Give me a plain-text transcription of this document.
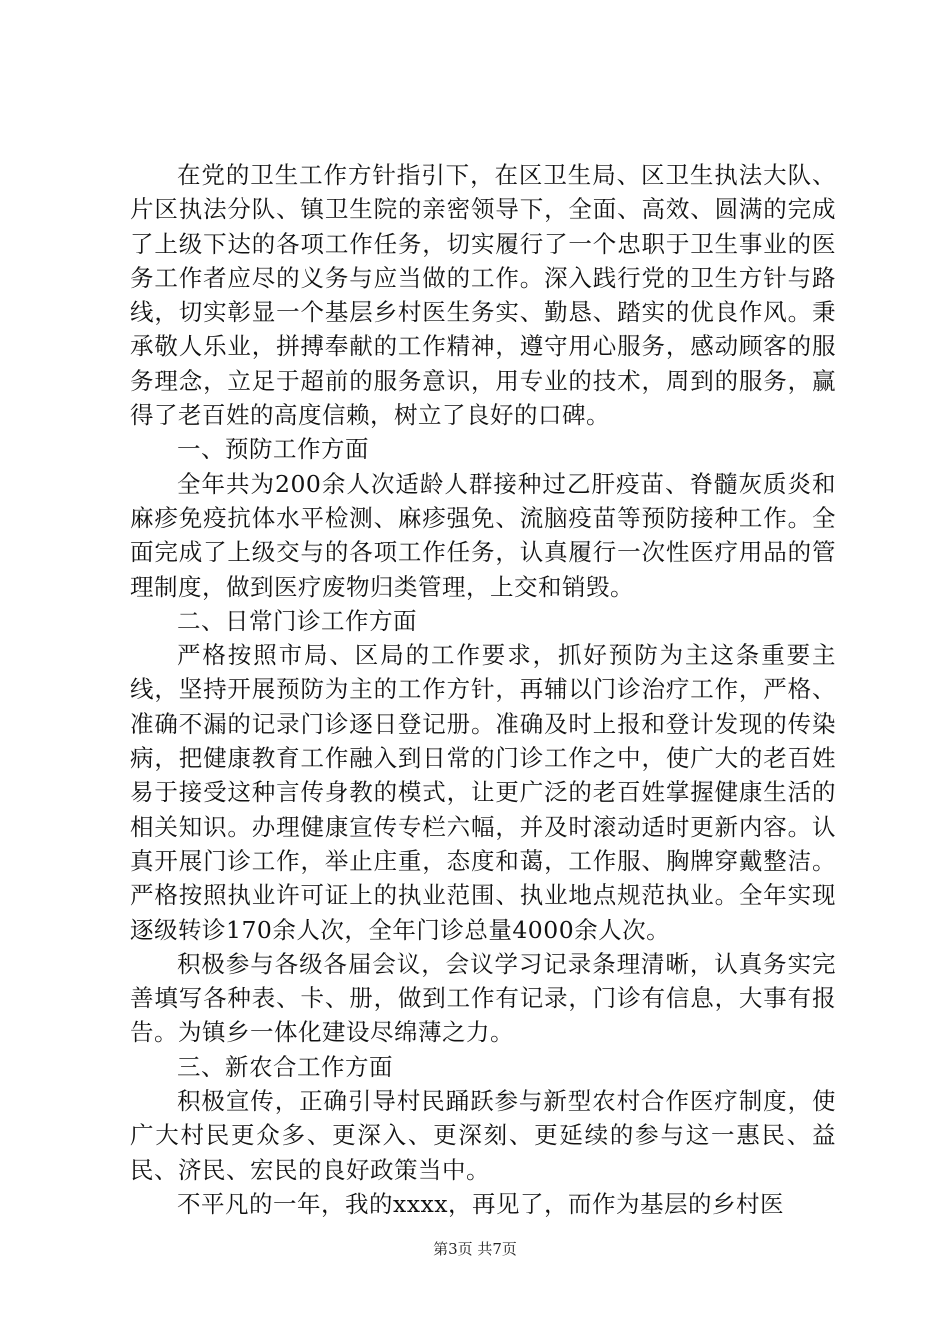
在党的卫生工作方针指引下，在区卫生局、区卫生执法大队、片区执法分队、镇卫生院的亲密领导下，全面、高效、圆满的完成了上级下达的各项工作任务，切实履行了一个忠职于卫生事业的医务工作者应尽的义务与应当做的工作。深入践行党的卫生方针与路线，切实彰显一个基层乡村医生务实、勤恳、踏实的优良作风。秉承敬人乐业，拼搏奉献的工作精神，遵守用心服务，感动顾客的服务理念，立足于超前的服务意识，用专业的技术，周到的服务，赢得了老百姓的高度信赖，树立了良好的口碑。

一、预防工作方面

全年共为200余人次适龄人群接种过乙肝疫苗、脊髓灰质炎和麻疹免疫抗体水平检测、麻疹强免、流脑疫苗等预防接种工作。全面完成了上级交与的各项工作任务，认真履行一次性医疗用品的管理制度，做到医疗废物归类管理，上交和销毁。

二、日常门诊工作方面

严格按照市局、区局的工作要求，抓好预防为主这条重要主线，坚持开展预防为主的工作方针，再辅以门诊治疗工作，严格、准确不漏的记录门诊逐日登记册。准确及时上报和登计发现的传染病，把健康教育工作融入到日常的门诊工作之中，使广大的老百姓易于接受这种言传身教的模式，让更广泛的老百姓掌握健康生活的相关知识。办理健康宣传专栏六幅，并及时滚动适时更新内容。认真开展门诊工作，举止庄重，态度和蔼，工作服、胸牌穿戴整洁。严格按照执业许可证上的执业范围、执业地点规范执业。全年实现逐级转诊170余人次，全年门诊总量4000余人次。

积极参与各级各届会议，会议学习记录条理清晰，认真务实完善填写各种表、卡、册，做到工作有记录，门诊有信息，大事有报告。为镇乡一体化建设尽绵薄之力。

三、新农合工作方面

积极宣传，正确引导村民踊跃参与新型农村合作医疗制度，使广大村民更众多、更深入、更深刻、更延续的参与这一惠民、益民、济民、宏民的良好政策当中。

不平凡的一年，我的xxxx，再见了，而作为基层的乡村医

第3页 共7页
